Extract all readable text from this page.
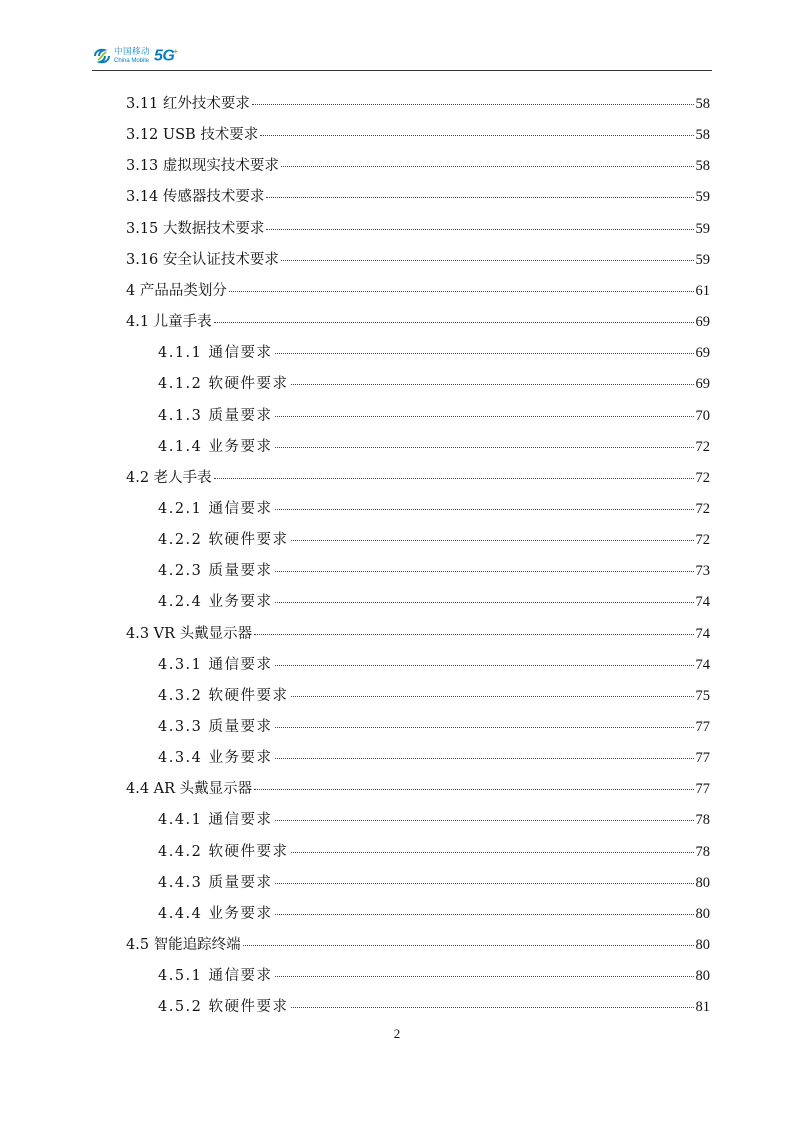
中国移动
China Mobile 5G+
3.11 红外技术要求	58
3.12 USB 技术要求	58
3.13 虚拟现实技术要求	58
3.14 传感器技术要求	59
3.15 大数据技术要求	59
3.16 安全认证技术要求	59
4 产品品类划分	61
4.1 儿童手表	69
4.1.1 通信要求	69
4.1.2 软硬件要求	69
4.1.3 质量要求	70
4.1.4 业务要求	72
4.2 老人手表	72
4.2.1 通信要求	72
4.2.2 软硬件要求	72
4.2.3 质量要求	73
4.2.4 业务要求	74
4.3 VR 头戴显示器	74
4.3.1 通信要求	74
4.3.2 软硬件要求	75
4.3.3 质量要求	77
4.3.4 业务要求	77
4.4 AR 头戴显示器	77
4.4.1 通信要求	78
4.4.2 软硬件要求	78
4.4.3 质量要求	80
4.4.4 业务要求	80
4.5 智能追踪终端	80
4.5.1 通信要求	80
4.5.2 软硬件要求	81
2
